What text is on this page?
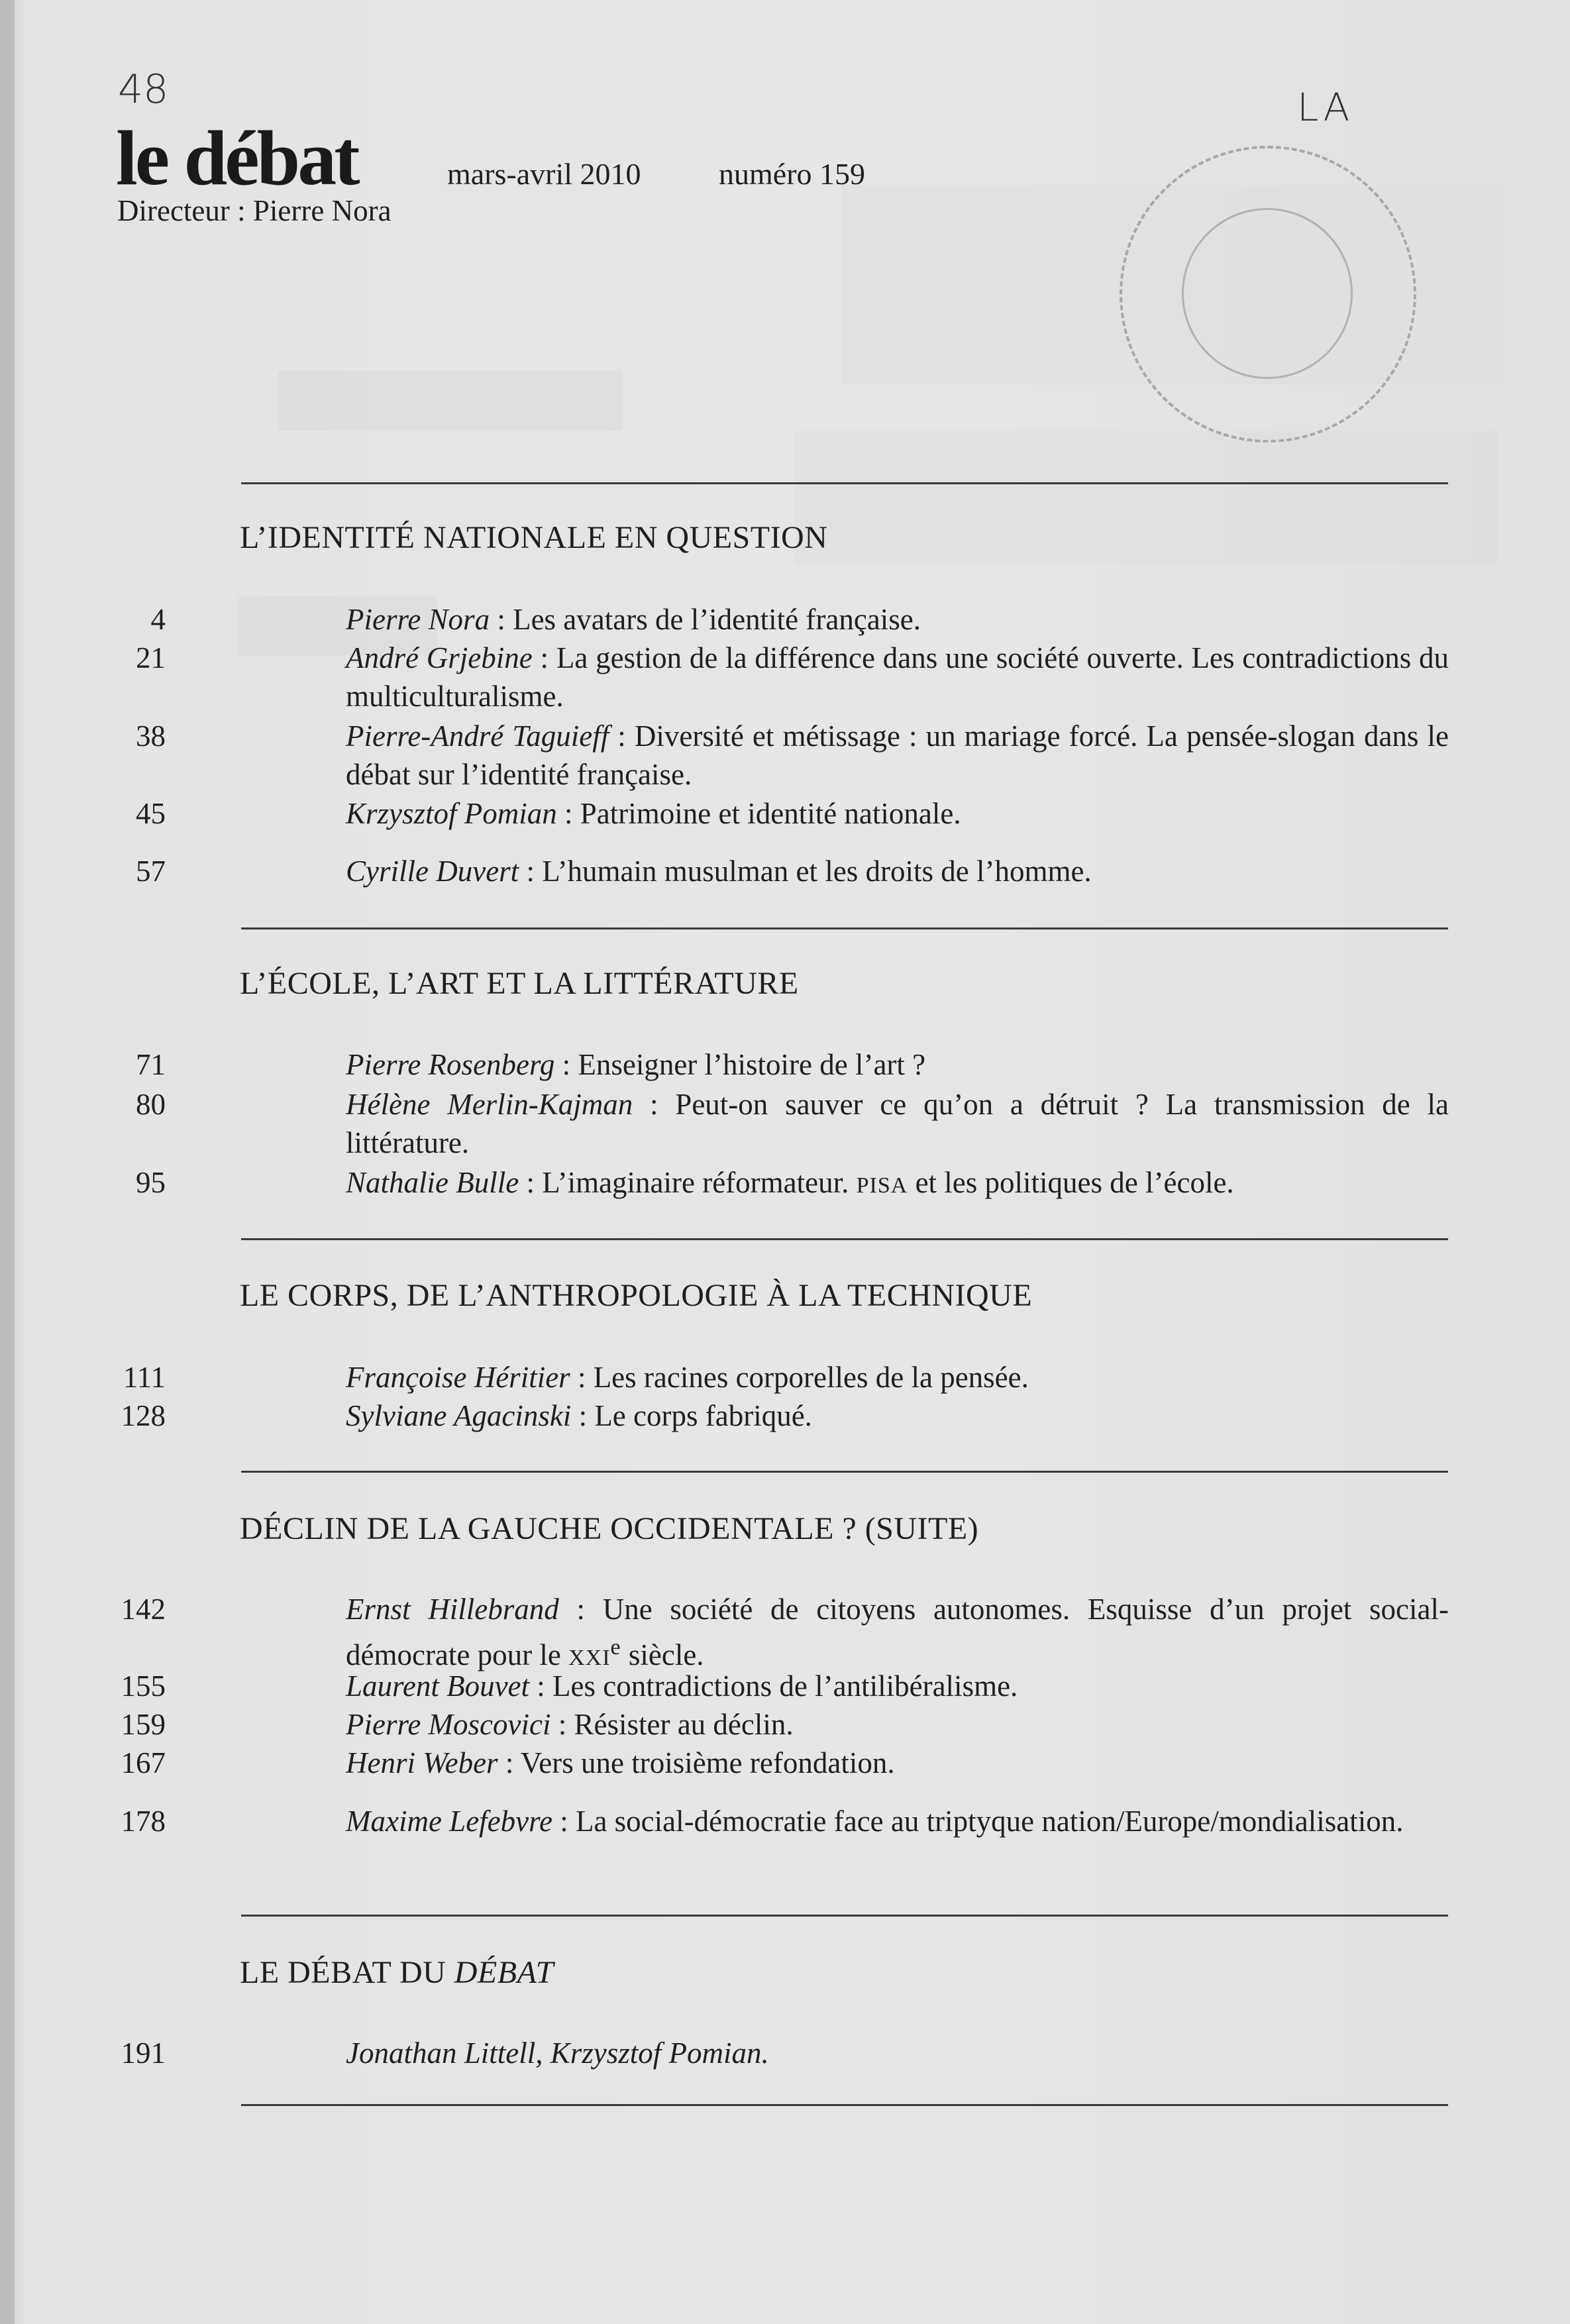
48	LA
le débat	mars-avril 2010	numéro 159
Directeur : Pierre Nora
L’IDENTITÉ NATIONALE EN QUESTION
4	Pierre Nora : Les avatars de l’identité française.
21	André Grjebine : La gestion de la différence dans une société ouverte. Les contradictions du multiculturalisme.
38	Pierre-André Taguieff : Diversité et métissage : un mariage forcé. La pensée-slogan dans le débat sur l’identité française.
45	Krzysztof Pomian : Patrimoine et identité nationale.
57	Cyrille Duvert : L’humain musulman et les droits de l’homme.
L’ÉCOLE, L’ART ET LA LITTÉRATURE
71	Pierre Rosenberg : Enseigner l’histoire de l’art ?
80	Hélène Merlin-Kajman : Peut-on sauver ce qu’on a détruit ? La transmission de la littérature.
95	Nathalie Bulle : L’imaginaire réformateur. PISA et les politiques de l’école.
LE CORPS, DE L’ANTHROPOLOGIE À LA TECHNIQUE
111	Françoise Héritier : Les racines corporelles de la pensée.
128	Sylviane Agacinski : Le corps fabriqué.
DÉCLIN DE LA GAUCHE OCCIDENTALE ? (SUITE)
142	Ernst Hillebrand : Une société de citoyens autonomes. Esquisse d’un projet social-démocrate pour le XXIe siècle.
155	Laurent Bouvet : Les contradictions de l’antilibéralisme.
159	Pierre Moscovici : Résister au déclin.
167	Henri Weber : Vers une troisième refondation.
178	Maxime Lefebvre : La social-démocratie face au triptyque nation/Europe/mondialisation.
LE DÉBAT DU DÉBAT
191	Jonathan Littell, Krzysztof Pomian.
